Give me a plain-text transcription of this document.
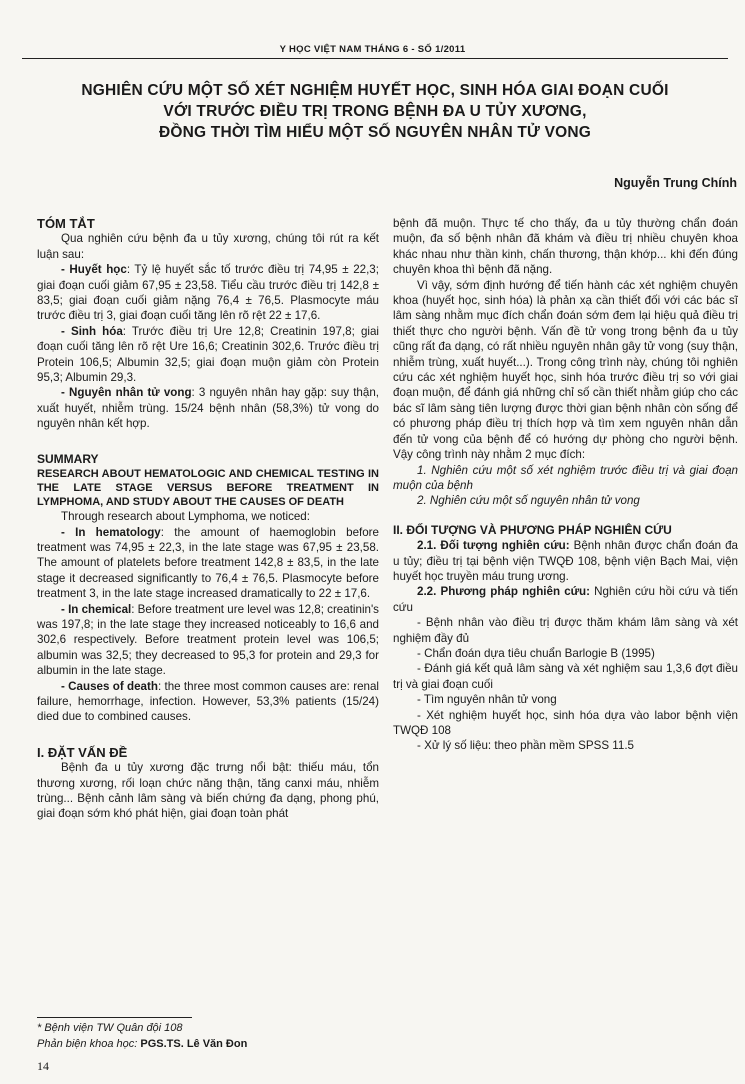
Y HỌC VIỆT NAM THÁNG 6 - SỐ 1/2011
NGHIÊN CỨU MỘT SỐ XÉT NGHIỆM HUYẾT HỌC, SINH HÓA GIAI ĐOẠN CUỐI
VỚI TRƯỚC ĐIỀU TRỊ TRONG BỆNH ĐA U TỦY XƯƠNG,
ĐỒNG THỜI TÌM HIỂU MỘT SỐ NGUYÊN NHÂN TỬ VONG
Nguyễn Trung Chính

TÓM TẮT

Qua nghiên cứu bệnh đa u tủy xương, chúng tôi rút ra kết luận sau:

- Huyết học: Tỷ lệ huyết sắc tố trước điều trị 74,95 ± 22,3; giai đoạn cuối giảm 67,95 ± 23,58. Tiểu cầu trước điều trị 142,8 ± 83,5; giai đoạn cuối giảm nặng 76,4 ± 76,5. Plasmocyte máu trước điều trị 3, giai đoạn cuối tăng lên rõ rệt 22 ± 17,6.

- Sinh hóa: Trước điều trị Ure 12,8; Creatinin 197,8; giai đoạn cuối tăng lên rõ rệt Ure 16,6; Creatinin 302,6. Trước điều trị Protein 106,5; Albumin 32,5; giai đoạn muộn giảm còn Protein 95,3; Albumin 29,3.

- Nguyên nhân tử vong: 3 nguyên nhân hay gặp: suy thận, xuất huyết, nhiễm trùng. 15/24 bệnh nhân (58,3%) tử vong do nguyên nhân kết hợp.

SUMMARY

RESEARCH ABOUT HEMATOLOGIC AND CHEMICAL TESTING IN THE LATE STAGE VERSUS BEFORE TREATMENT IN LYMPHOMA, AND STUDY ABOUT THE CAUSES OF DEATH

Through research about Lymphoma, we noticed:

- In hematology: the amount of haemoglobin before treatment was 74,95 ± 22,3, in the late stage was 67,95 ± 23,58. The amount of platelets before treatment 142,8 ± 83,5, in the late stage it decreased significantly to 76,4 ± 76,5. Plasmocyte before treatment 3, in the late stage increased dramatically to 22 ± 17,6.

- In chemical: Before treatment ure level was 12,8; creatinin's was 197,8; in the late stage they increased noticeably to 16,6 and 302,6 respectively. Before treatment protein level was 106,5; albumin was 32,5; they decreased to 95,3 for protein and 29,3 for albumin in the late stage.

- Causes of death: the three most common causes are: renal failure, hemorrhage, infection. However, 53,3% patients (15/24) died due to combined causes.

I. ĐẶT VẤN ĐỀ

Bệnh đa u tủy xương đặc trưng nổi bật: thiếu máu, tổn thương xương, rối loạn chức năng thận, tăng canxi máu, nhiễm trùng... Bệnh cảnh lâm sàng và biến chứng đa dạng, phong phú, giai đoạn sớm khó phát hiện, giai đoạn toàn phát

bệnh đã muộn. Thực tế cho thấy, đa u tủy thường chẩn đoán muộn, đa số bệnh nhân đã khám và điều trị nhiều chuyên khoa khác nhau như thần kinh, chấn thương, thận khớp... khi đến đúng chuyên khoa thì bệnh đã nặng.

Vì vậy, sớm định hướng để tiến hành các xét nghiệm chuyên khoa (huyết học, sinh hóa) là phản xạ cần thiết đối với các bác sĩ lâm sàng nhằm mục đích chẩn đoán sớm đem lại hiệu quả điều trị thiết thực cho người bệnh. Vấn đề tử vong trong bệnh đa u tủy cũng rất đa dạng, có rất nhiều nguyên nhân gây tử vong (suy thận, nhiễm trùng, xuất huyết...). Trong công trình này, chúng tôi nghiên cứu các xét nghiệm huyết học, sinh hóa trước điều trị so với giai đoạn muộn, để đánh giá những chỉ số cần thiết nhằm giúp cho các bác sĩ lâm sàng tiên lượng được thời gian bệnh nhân còn sống để có phương pháp điều trị thích hợp và tìm xem nguyên nhân dẫn đến tử vong của bệnh để có hướng dự phòng cho người bệnh. Vậy công trình này nhằm 2 mục đích:

1. Nghiên cứu một số xét nghiệm trước điều trị và giai đoạn muộn của bệnh

2. Nghiên cứu một số nguyên nhân tử vong

II. ĐỐI TƯỢNG VÀ PHƯƠNG PHÁP NGHIÊN CỨU

2.1. Đối tượng nghiên cứu: Bệnh nhân được chẩn đoán đa u tủy; điều trị tại bệnh viện TWQĐ 108, bệnh viện Bạch Mai, viện huyết học truyền máu trung ương.

2.2. Phương pháp nghiên cứu: Nghiên cứu hồi cứu và tiến cứu

- Bệnh nhân vào điều trị được thăm khám lâm sàng và xét nghiệm đầy đủ

- Chẩn đoán dựa tiêu chuẩn Barlogie B (1995)

- Đánh giá kết quả lâm sàng và xét nghiệm sau 1,3,6 đợt điều trị và giai đoạn cuối

- Tìm nguyên nhân tử vong

- Xét nghiệm huyết học, sinh hóa dựa vào labor bệnh viện TWQĐ 108

- Xử lý số liệu: theo phần mềm SPSS 11.5

* Bệnh viện TW Quân đội 108
Phản biện khoa học: PGS.TS. Lê Văn Đon
14
